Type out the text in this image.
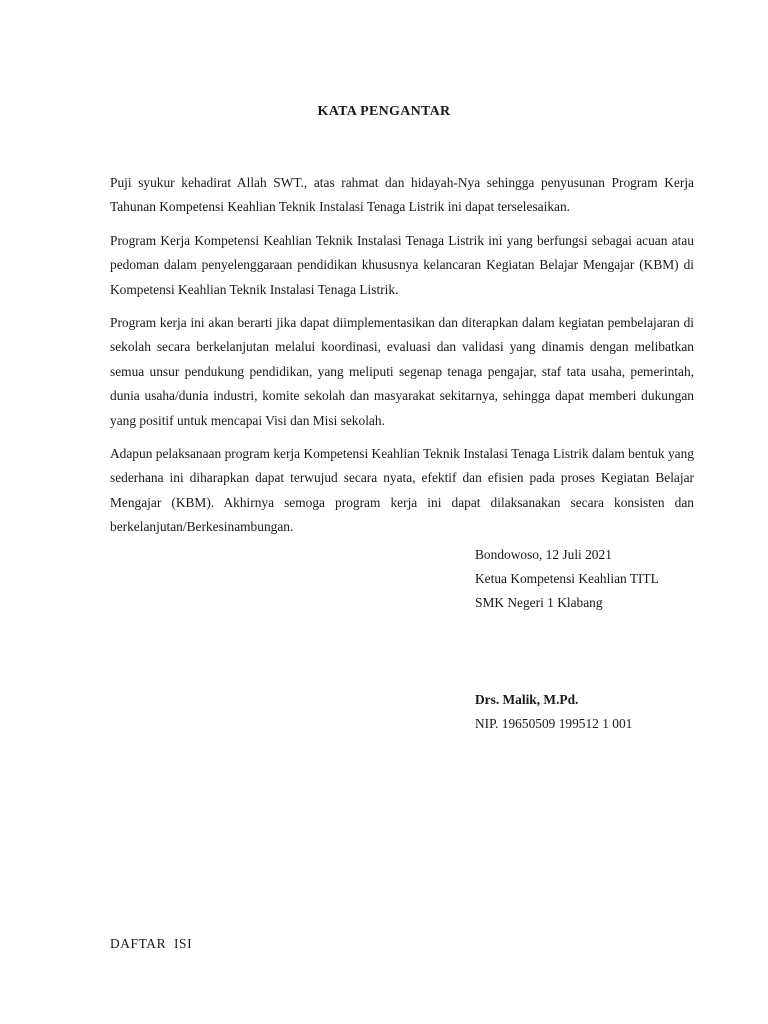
KATA PENGANTAR

Puji syukur kehadirat Allah SWT., atas rahmat dan hidayah-Nya sehingga penyusunan Program Kerja Tahunan Kompetensi Keahlian Teknik Instalasi Tenaga Listrik ini dapat terselesaikan.

Program Kerja Kompetensi Keahlian Teknik Instalasi Tenaga Listrik ini yang berfungsi sebagai acuan atau pedoman dalam penyelenggaraan pendidikan khususnya kelancaran Kegiatan Belajar Mengajar (KBM) di Kompetensi Keahlian Teknik Instalasi Tenaga Listrik.

Program kerja ini akan berarti jika dapat diimplementasikan dan diterapkan dalam kegiatan pembelajaran di sekolah secara berkelanjutan melalui koordinasi, evaluasi dan validasi yang dinamis dengan melibatkan semua unsur pendukung pendidikan, yang meliputi segenap tenaga pengajar, staf tata usaha, pemerintah, dunia usaha/dunia industri, komite sekolah dan masyarakat sekitarnya, sehingga dapat memberi dukungan yang positif untuk mencapai Visi dan Misi sekolah.

Adapun pelaksanaan program kerja Kompetensi Keahlian Teknik Instalasi Tenaga Listrik dalam bentuk yang sederhana ini diharapkan dapat terwujud secara nyata, efektif dan efisien pada proses Kegiatan Belajar Mengajar (KBM). Akhirnya semoga program kerja ini dapat dilaksanakan secara konsisten dan berkelanjutan/Berkesinambungan.

Bondowoso, 12 Juli 2021
Ketua Kompetensi Keahlian TITL
SMK Negeri 1 Klabang
Drs. Malik, M.Pd.
NIP. 19650509 199512 1 001
DAFTAR  ISI
